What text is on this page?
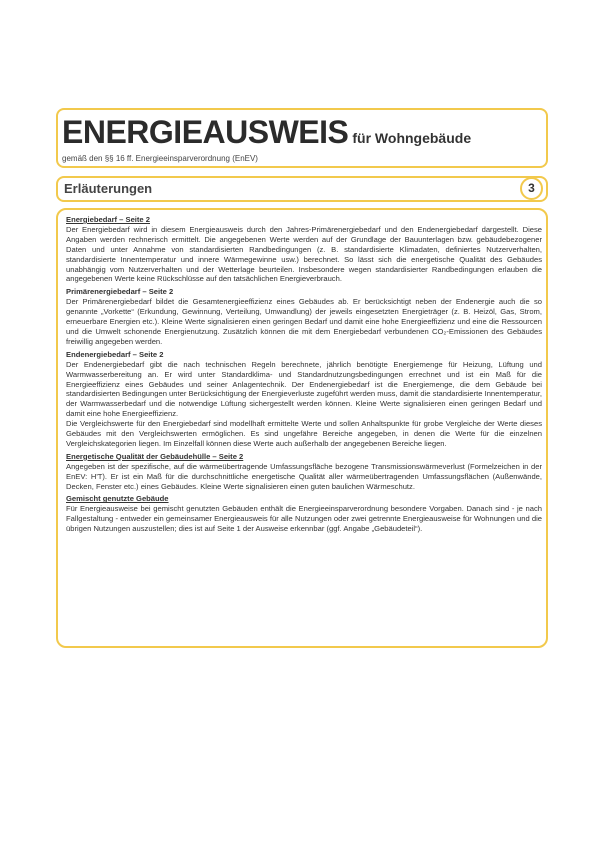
ENERGIEAUSWEIS für Wohngebäude
gemäß den §§ 16 ff. Energieeinsparverordnung (EnEV)
Erläuterungen	3
Energiebedarf – Seite 2
Der Energiebedarf wird in diesem Energieausweis durch den Jahres-Primärenergiebedarf und den Endenergiebedarf dargestellt. Diese Angaben werden rechnerisch ermittelt. Die angegebenen Werte werden auf der Grundlage der Bauunterlagen bzw. gebäudebezogener Daten und unter Annahme von standardisierten Randbedingungen (z. B. standardisierte Klimadaten, definiertes Nutzerverhalten, standardisierte Innentemperatur und innere Wärmegewinne usw.) berechnet. So lässt sich die energetische Qualität des Gebäudes unabhängig vom Nutzerverhalten und der Wetterlage beurteilen. Insbesondere wegen standardisierter Randbedingungen erlauben die angegebenen Werte keine Rückschlüsse auf den tatsächlichen Energieverbrauch.
Primärenergiebedarf – Seite 2
Der Primärenergiebedarf bildet die Gesamtenergieeffizienz eines Gebäudes ab. Er berücksichtigt neben der Endenergie auch die so genannte „Vorkette“ (Erkundung, Gewinnung, Verteilung, Umwandlung) der jeweils eingesetzten Energieträger (z. B. Heizöl, Gas, Strom, erneuerbare Energien etc.). Kleine Werte signalisieren einen geringen Bedarf und damit eine hohe Energieeffizienz und eine die Ressourcen und die Umwelt schonende Energienutzung. Zusätzlich können die mit dem Energiebedarf verbundenen CO₂-Emissionen des Gebäudes freiwillig angegeben werden.
Endenergiebedarf – Seite 2
Der Endenergiebedarf gibt die nach technischen Regeln berechnete, jährlich benötigte Energiemenge für Heizung, Lüftung und Warmwasserbereitung an. Er wird unter Standardklima- und Standardnutzungsbedingungen errechnet und ist ein Maß für die Energieeffizienz eines Gebäudes und seiner Anlagentechnik. Der Endenergiebedarf ist die Energiemenge, die dem Gebäude bei standardisierten Bedingungen unter Berücksichtigung der Energieverluste zugeführt werden muss, damit die standardisierte Innentemperatur, der Warmwasserbedarf und die notwendige Lüftung sichergestellt werden können. Kleine Werte signalisieren einen geringen Bedarf und damit eine hohe Energieeffizienz.
Die Vergleichswerte für den Energiebedarf sind modellhaft ermittelte Werte und sollen Anhaltspunkte für grobe Vergleiche der Werte dieses Gebäudes mit den Vergleichswerten ermöglichen. Es sind ungefähre Bereiche angegeben, in denen die Werte für die einzelnen Vergleichskategorien liegen. Im Einzelfall können diese Werte auch außerhalb der angegebenen Bereiche liegen.
Energetische Qualität der Gebäudehülle – Seite 2
Angegeben ist der spezifische, auf die wärmeübertragende Umfassungsfläche bezogene Transmissionswärmeverlust (Formelzeichen in der EnEV: H'T). Er ist ein Maß für die durchschnittliche energetische Qualität aller wärmeübertragenden Umfassungsflächen (Außenwände, Decken, Fenster etc.) eines Gebäudes. Kleine Werte signalisieren einen guten baulichen Wärmeschutz.
Gemischt genutzte Gebäude
Für Energieausweise bei gemischt genutzten Gebäuden enthält die Energieeinsparverordnung besondere Vorgaben. Danach sind - je nach Fallgestaltung - entweder ein gemeinsamer Energieausweis für alle Nutzungen oder zwei getrennte Energieausweise für Wohnungen und die übrigen Nutzungen auszustellen; dies ist auf Seite 1 der Ausweise erkennbar (ggf. Angabe „Gebäudeteil“).
